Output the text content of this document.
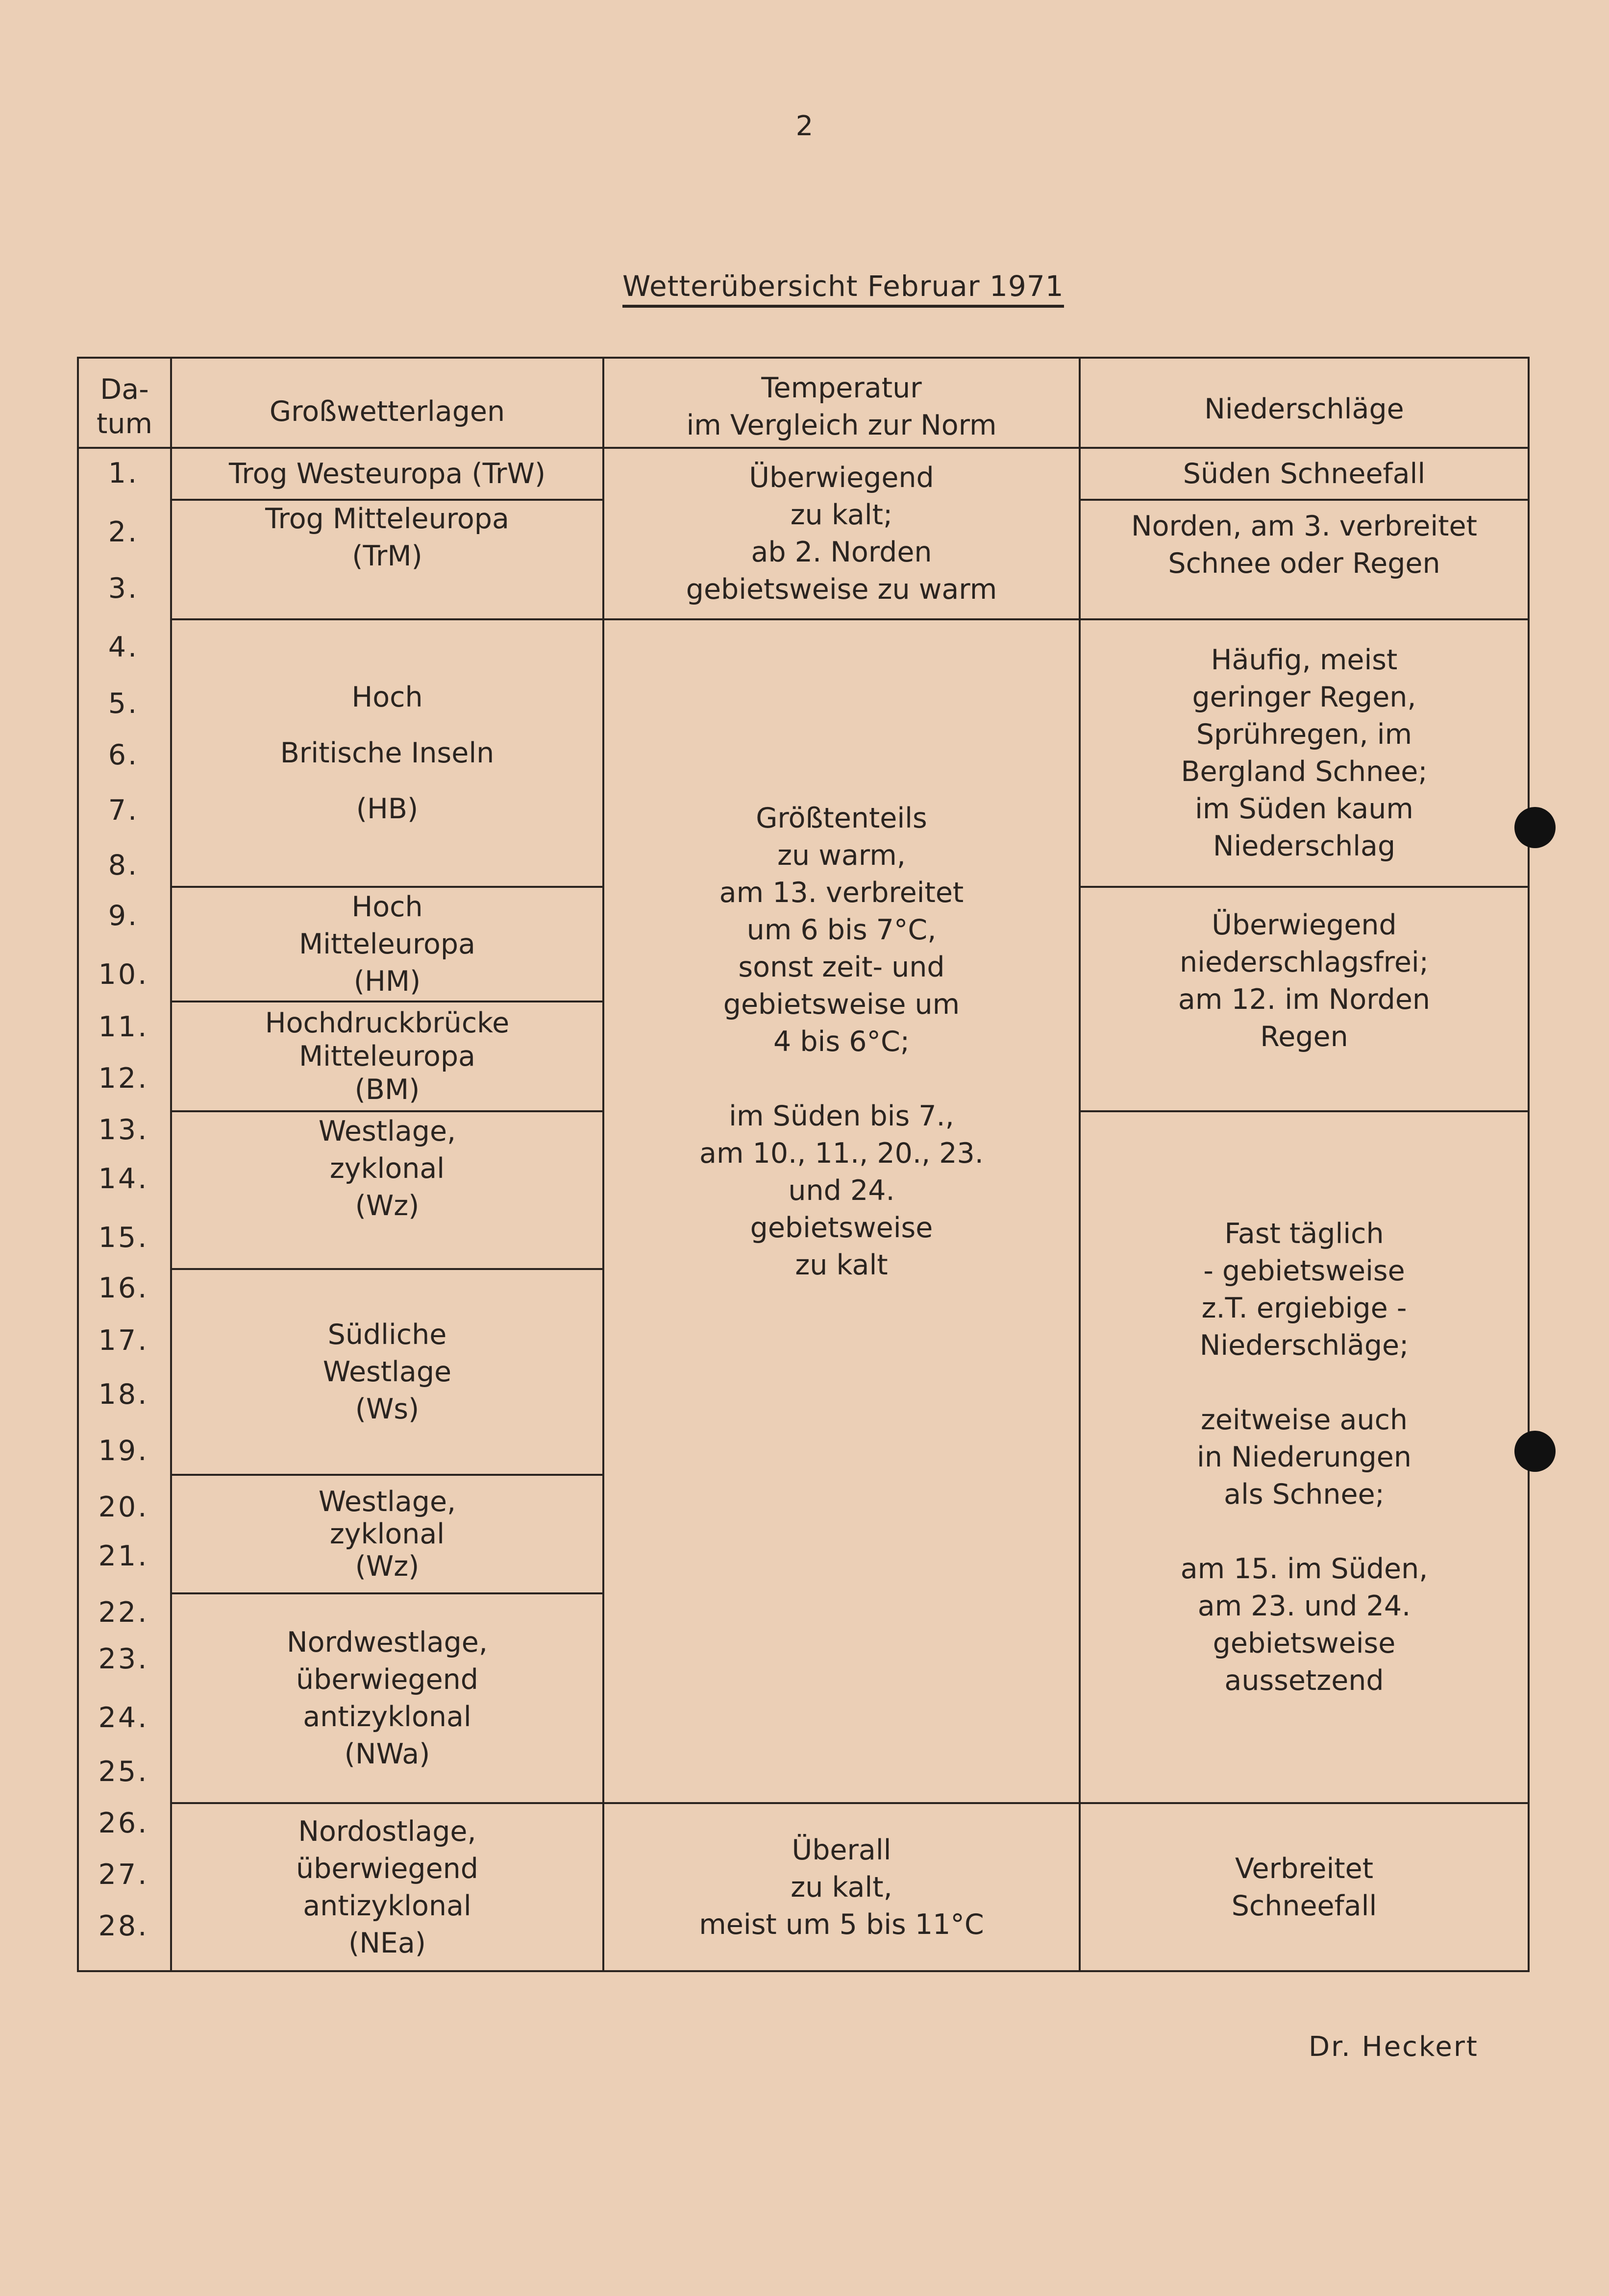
2
Wetterübersicht Februar 1971
Da-
tum	Großwetterlagen
Temperatur
im Vergleich zur Norm	Niederschläge
1.
2.
3.
4.
5.
6.
7.
8.
9.
10.
11.
12.
13.
14.
15.
16.
17.
18.
19.
20.
21.
22.
23.
24.
25.
26.
27.
28.
Trog Westeuropa (TrW)
Trog Mitteleuropa
(TrM)
Hoch

Britische Inseln

(HB)
Hoch
Mitteleuropa
(HM)
Hochdruckbrücke
Mitteleuropa
(BM)
Westlage,
zyklonal
(Wz)
Südliche
Westlage
(Ws)
Westlage,
zyklonal
(Wz)
Nordwestlage,
überwiegend
antizyklonal
(NWa)
Nordostlage,
überwiegend
antizyklonal
(NEa)
Überwiegend
zu kalt;
ab 2. Norden
gebietsweise zu warm
Größtenteils
zu warm,
am 13. verbreitet
um 6 bis 7°C,
sonst zeit- und
gebietsweise um
4 bis 6°C;

im Süden bis 7.,
am 10., 11., 20., 23.
und 24.
gebietsweise
zu kalt
Überall
zu kalt,
meist um 5 bis 11°C
Süden Schneefall
Norden, am 3. verbreitet
Schnee oder Regen
Häufig, meist
geringer Regen,
Sprühregen, im
Bergland Schnee;
im Süden kaum
Niederschlag
Überwiegend
niederschlagsfrei;
am 12. im Norden
Regen
Fast täglich
- gebietsweise
z.T. ergiebige -
Niederschläge;

zeitweise auch
in Niederungen
als Schnee;

am 15. im Süden,
am 23. und 24.
gebietsweise
aussetzend
Verbreitet
Schneefall
Dr. Heckert
